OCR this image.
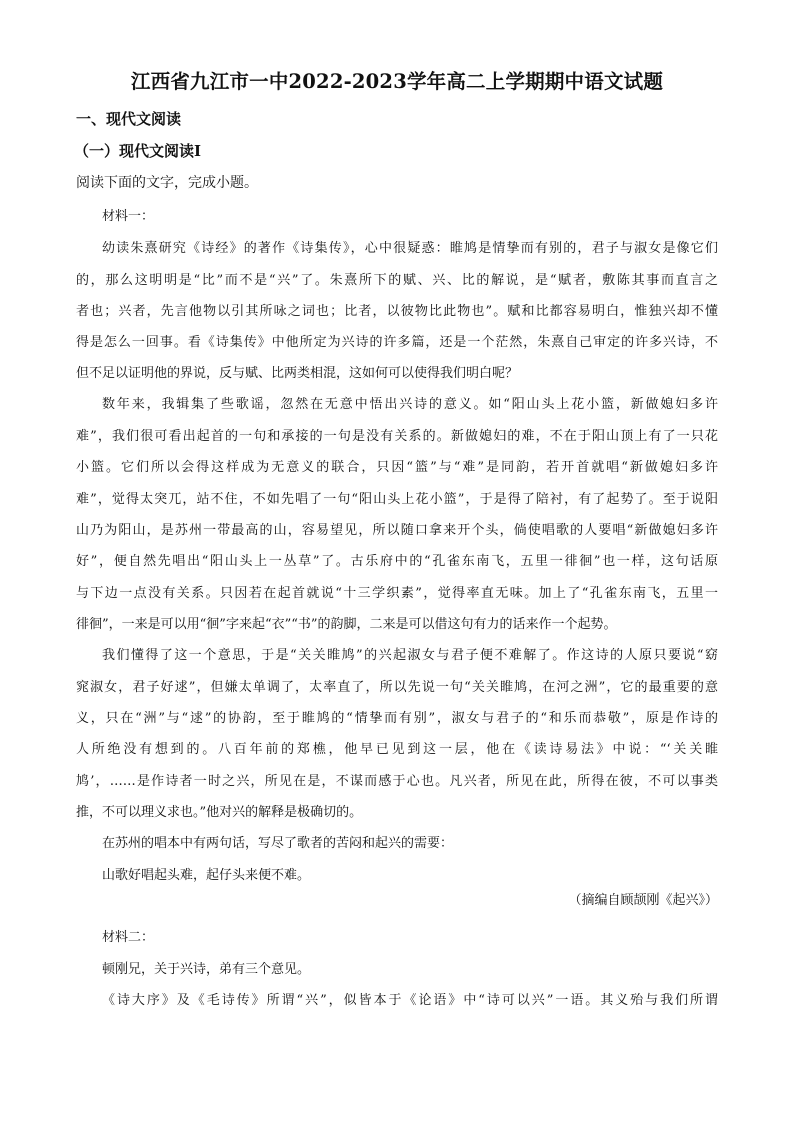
江西省九江市一中2022-2023学年高二上学期期中语文试题
一、现代文阅读
（一）现代文阅读Ⅰ
阅读下面的文字，完成小题。
材料一：
幼读朱熹研究《诗经》的著作《诗集传》，心中很疑惑：睢鸠是情挚而有别的，君子与淑女是像它们
的，那么这明明是“比”而不是“兴”了。朱熹所下的赋、兴、比的解说，是“赋者，敷陈其事而直言之
者也；兴者，先言他物以引其所咏之词也；比者，以彼物比此物也”。赋和比都容易明白，惟独兴却不懂
得是怎么一回事。看《诗集传》中他所定为兴诗的许多篇，还是一个茫然，朱熹自己审定的许多兴诗，不
但不足以证明他的界说，反与赋、比两类相混，这如何可以使得我们明白呢？
数年来，我辑集了些歌谣，忽然在无意中悟出兴诗的意义。如“阳山头上花小篮，新做媳妇多许
难”，我们很可看出起首的一句和承接的一句是没有关系的。新做媳妇的难，不在于阳山顶上有了一只花
小篮。它们所以会得这样成为无意义的联合，只因“篮”与“难”是同韵，若开首就唱“新做媳妇多许
难”，觉得太突兀，站不住，不如先唱了一句“阳山头上花小篮”，于是得了陪衬，有了起势了。至于说阳
山乃为阳山，是苏州一带最高的山，容易望见，所以随口拿来开个头，倘使唱歌的人要唱“新做媳妇多许
好”，便自然先唱出“阳山头上一丛草”了。古乐府中的“孔雀东南飞，五里一徘徊”也一样，这句话原
与下边一点没有关系。只因若在起首就说“十三学织素”，觉得率直无味。加上了“孔雀东南飞，五里一
徘徊”，一来是可以用“徊”字来起“衣”“书”的韵脚，二来是可以借这句有力的话来作一个起势。
我们懂得了这一个意思，于是“关关睢鸠”的兴起淑女与君子便不难解了。作这诗的人原只要说“窈
窕淑女，君子好逑”，但嫌太单调了，太率直了，所以先说一句“关关睢鸠，在河之洲”，它的最重要的意
义，只在“洲”与“逑”的协韵，至于睢鸠的“情挚而有别”，淑女与君子的“和乐而恭敬”，原是作诗的
人所绝没有想到的。八百年前的郑樵，他早已见到这一层，他在《读诗易法》中说：“‘关关睢
鸠’，……是作诗者一时之兴，所见在是，不谋而感于心也。凡兴者，所见在此，所得在彼，不可以事类
推，不可以理义求也。”他对兴的解释是极确切的。
在苏州的唱本中有两句话，写尽了歌者的苦闷和起兴的需要：
山歌好唱起头难，起仔头来便不难。
（摘编自顾颉刚《起兴》）
材料二：
顿刚兄，关于兴诗，弟有三个意见。
《诗大序》及《毛诗传》所谓“兴”，似皆本于《论语》中“诗可以兴”一语。其义殆与我们所谓
